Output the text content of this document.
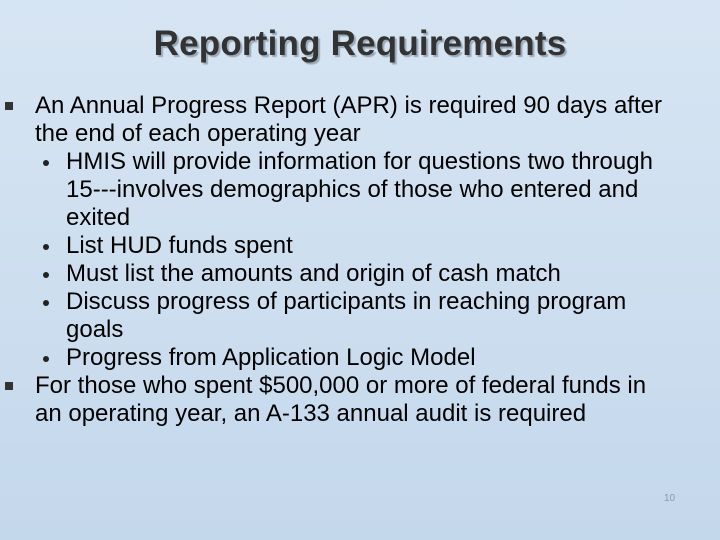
Reporting Requirements
An Annual Progress Report (APR) is required 90 days after the end of each operating year
HMIS will provide information for questions two through 15---involves demographics of those who entered and exited
List HUD funds spent
Must list the amounts and origin of cash match
Discuss progress of participants in reaching program goals
Progress from Application Logic Model
For those who spent $500,000 or more of federal funds in an operating year, an A-133 annual audit is required
10
